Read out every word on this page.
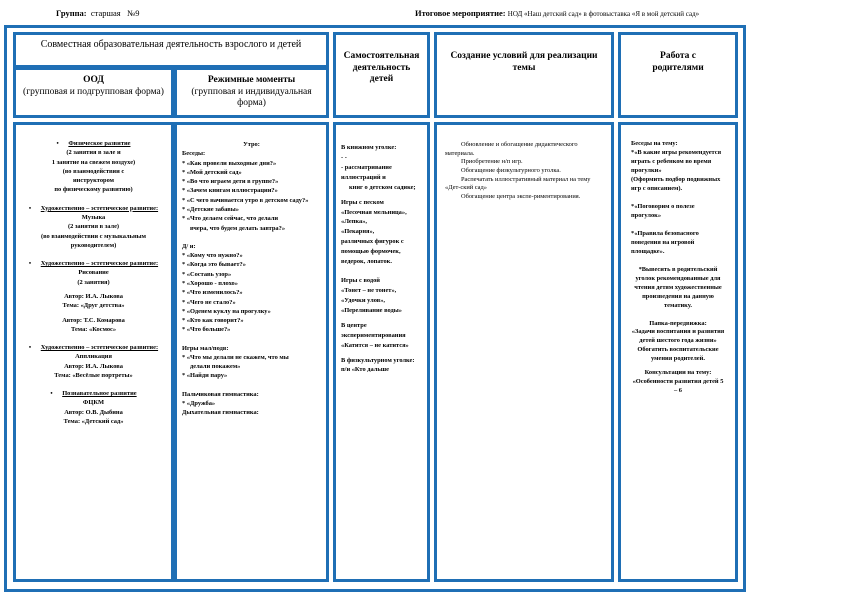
Группа: старшая №9	Итоговое мероприятие: НОД «Наш детский сад» в фотовыставка «Я в мой детский сад»
Совместная образовательная деятельность взрослого и детей
ООД
(групповая и подгрупповая форма)
Режимные моменты
(групповая и индивидуальная форма)
Самостоятельная деятельность детей
Создание условий для реализации темы
Работа с родителями

• Физическое развитие

(2 занятия в зале и

1 занятие на свежем воздухе)

(во взаимодействии с

инструктором

по физическому развитию)

• Художественно – эстетическое развитие: Музыка

(2 занятия в зале)

(во взаимодействии с музыкальным

руководителем)

• Художественно – эстетическое развитие: Рисование

(2 занятия)

Автор: И.А. Лыкова

Тема: «Друг детства»

Автор: Т.С. Комарова

Тема: «Космос»

• Художественно – эстетическое развитие:

Аппликация

Автор: И.А. Лыкова

Тема: «Весёлые портреты»

• Познавательное развитие

ФЦКМ

Автор: О.В. Дыбина

Тема: «Детский сад»

Утро:

Беседы:

* «Как провели выходные дни?»

* «Мой детский сад»

* «Во что играем дети в группе?»

* «Зачем книгам иллюстрации?»

* «С чего начинается утро в детском саду?»

* «Детские забавы»

* «Что делаем сейчас, что делали

вчера, что будем делать завтра?»

Д/ и:

* «Кому что нужно?»

* «Когда это бывает?»

* «Составь узор»

* «Хорошо - плохо»

* «Что изменилось?»

* «Чего не стало?»

* «Оденем куклу на прогулку»

* «Кто как говорит?»

* «Что больше?»

Игры мал/подв:

* «Что мы делали не скажем, что мы

делали покажем»

* «Найди пару»

Пальчиковая гимнастика:

* «Дружба»

Дыхательная гимнастика:

В книжном уголке:

- -

- рассматривание иллюстраций и

книг о детском садике;

Игры с песком

«Песочная мельница»,

«Лепка»,

«Пекарня»,

различных фигурок с помощью формочек, ведерок, лопаток.

Игры с водой

«Тонет – не тонет»,

«Удочки улов»,

«Переливание воды»

В центре экспериментирования

«Катится – не катится»

В физкультурном уголке:

п/и «Кто дальше

Обновление и обогащение дидактического материала.

Приобретение н/п игр.

Обогащение физкультурного уголка.

Распечатать иллюстративный материал на тему «Дет-ский сад»

Обогащение центра экспе-риментирования.

Беседы на тему:

*«В какие игры рекомендуется играть с ребенком во время прогулки»

(Оформить подбор подвижных игр с описанием).

*«Поговорим о полезе прогулок»

*«Правила безопасного поведения на игровой площадке».

*Вывесить в родительский уголок рекомендованные для чтения детям художественные произведения на данную тематику.

Папка-передвижка:

«Задачи воспитания и развития детей шестого года жизни»

Обогатить воспитательские умения родителей.

Консультации на тему:

«Особенности развития детей 5 – 6
